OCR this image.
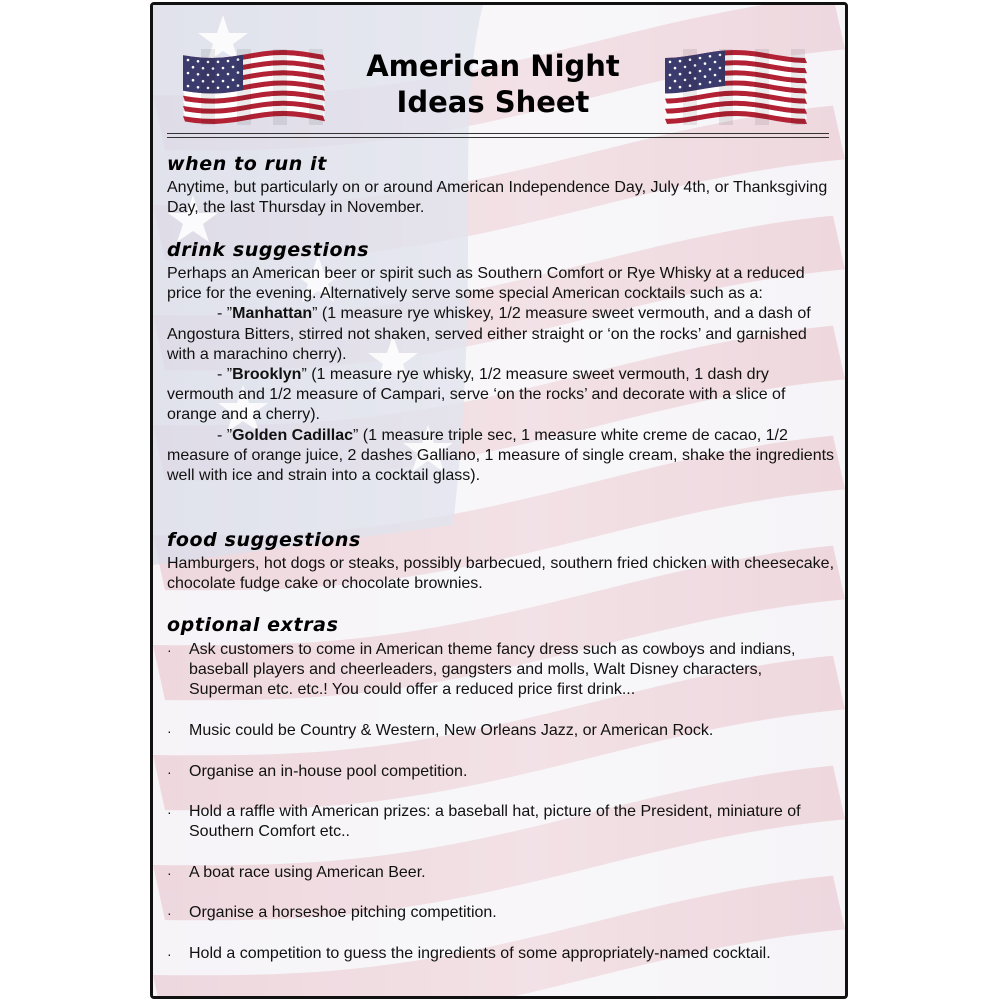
American Night
Ideas Sheet
when to run it

Anytime, but particularly on or around American Independence Day, July 4th, or Thanksgiving Day, the last Thursday in November.

drink suggestions
Perhaps an American beer or spirit such as Southern Comfort or Rye Whisky at a reduced price for the evening. Alternatively serve some special American cocktails such as a:
- ”Manhattan” (1 measure rye whiskey, 1/2 measure sweet vermouth, and a dash of Angostura Bitters, stirred not shaken, served either straight or ‘on the rocks’ and garnished with a marachino cherry).
- ”Brooklyn” (1 measure rye whisky, 1/2 measure sweet vermouth, 1 dash dry vermouth and 1/2 measure of Campari, serve ‘on the rocks’ and decorate with a slice of orange and a cherry).
- ”Golden Cadillac” (1 measure triple sec, 1 measure white creme de cacao, 1/2 measure of orange juice, 2 dashes Galliano, 1 measure of single cream, shake the ingredients well with ice and strain into a cocktail glass).
food suggestions

Hamburgers, hot dogs or steaks, possibly barbecued, southern fried chicken with cheesecake, chocolate fudge cake or chocolate brownies.

optional extras
· Ask customers to come in American theme fancy dress such as cowboys and indians, baseball players and cheerleaders, gangsters and molls, Walt Disney characters, Superman etc. etc.! You could offer a reduced price first drink...
· Music could be Country & Western, New Orleans Jazz, or American Rock.
· Organise an in-house pool competition.
· Hold a raffle with American prizes: a baseball hat, picture of the President, miniature of Southern Comfort etc..
· A boat race using American Beer.
· Organise a horseshoe pitching competition.
· Hold a competition to guess the ingredients of some appropriately-named cocktail.
